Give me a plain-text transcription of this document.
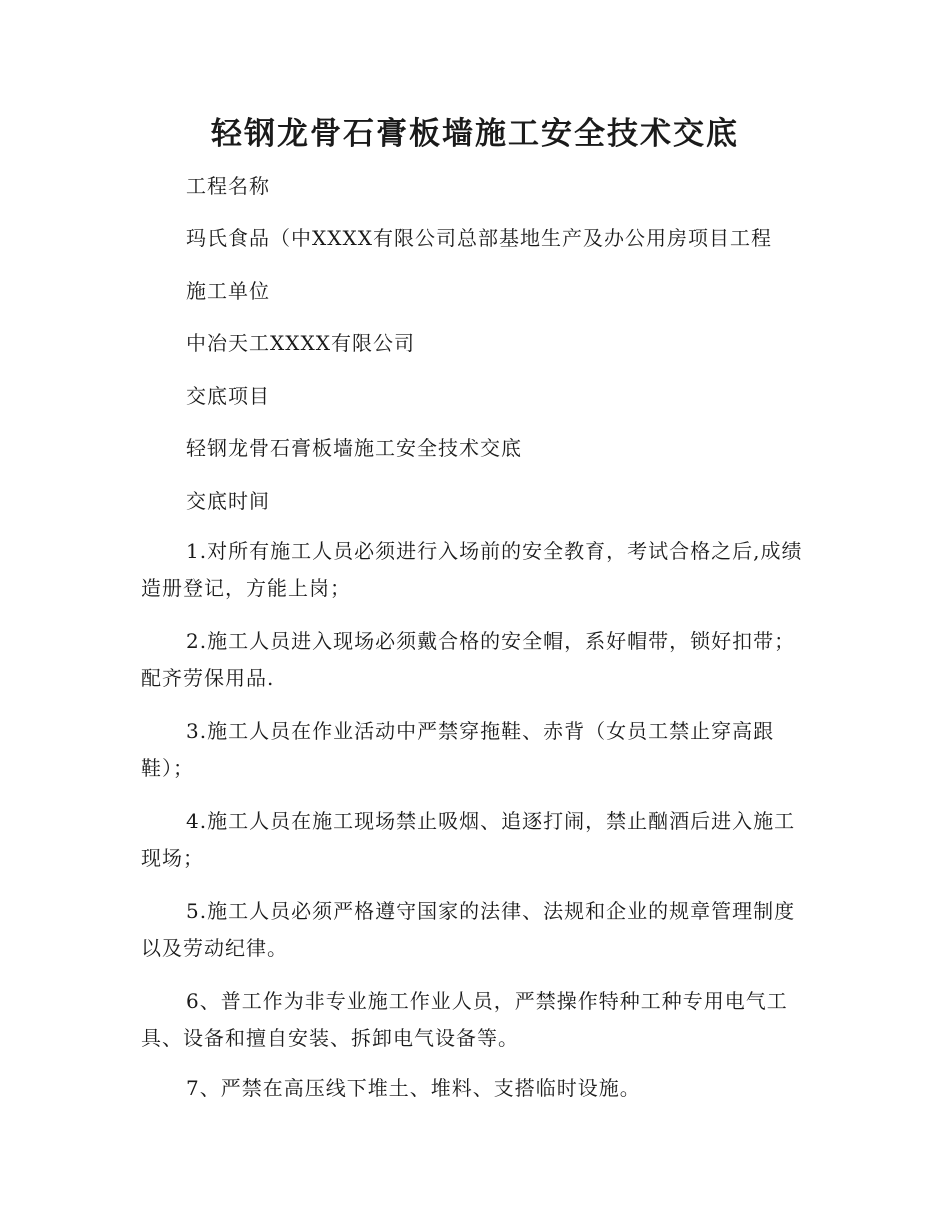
轻钢龙骨石膏板墙施工安全技术交底
工程名称
玛氏食品（中XXXX有限公司总部基地生产及办公用房项目工程
施工单位
中冶天工XXXX有限公司
交底项目
轻钢龙骨石膏板墙施工安全技术交底
交底时间

1.对所有施工人员必须进行入场前的安全教育，考试合格之后,成绩造册登记，方能上岗；

2.施工人员进入现场必须戴合格的安全帽，系好帽带，锁好扣带；配齐劳保用品.

3.施工人员在作业活动中严禁穿拖鞋、赤背（女员工禁止穿高跟鞋）；

4.施工人员在施工现场禁止吸烟、追逐打闹，禁止酗酒后进入施工现场；

5.施工人员必须严格遵守国家的法律、法规和企业的规章管理制度以及劳动纪律。

6、普工作为非专业施工作业人员，严禁操作特种工种专用电气工具、设备和擅自安装、拆卸电气设备等。

7、严禁在高压线下堆土、堆料、支搭临时设施。
